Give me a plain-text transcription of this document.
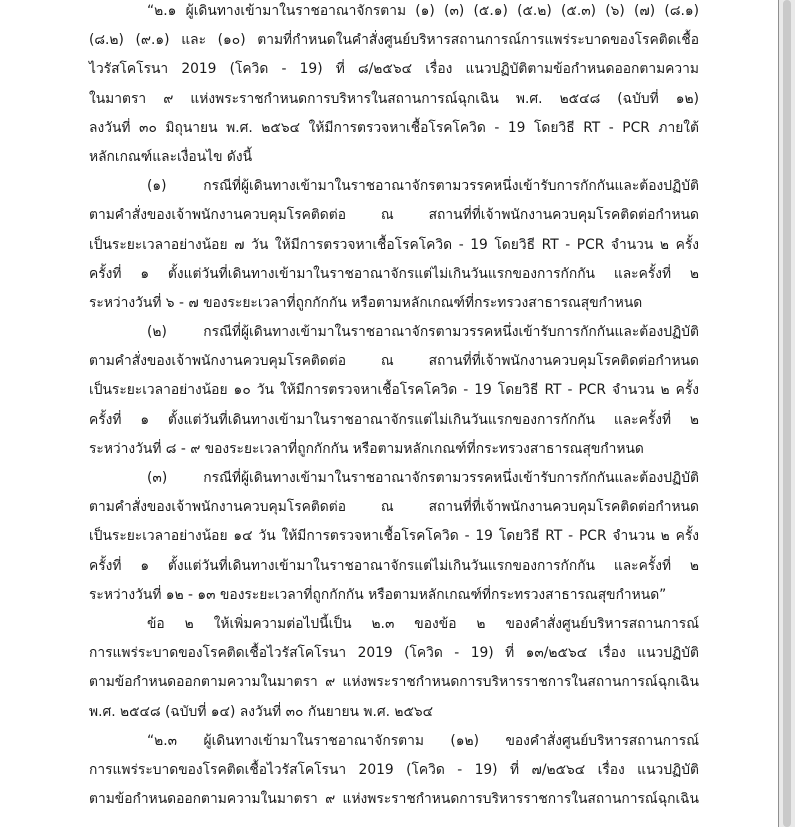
“๒.๑ ผู้เดินทางเข้ามาในราชอาณาจักรตาม (๑) (๓) (๕.๑) (๕.๒) (๕.๓) (๖) (๗) (๘.๑)
(๘.๒) (๙.๑) และ (๑๐) ตามที่กำหนดในคำสั่งศูนย์บริหารสถานการณ์การแพร่ระบาดของโรคติดเชื้อ
ไวรัสโคโรนา 2019 (โควิด - 19) ที่ ๘/๒๕๖๔ เรื่อง แนวปฏิบัติตามข้อกำหนดออกตามความ
ในมาตรา ๙ แห่งพระราชกำหนดการบริหารในสถานการณ์ฉุกเฉิน พ.ศ. ๒๕๔๘ (ฉบับที่ ๑๒)
ลงวันที่ ๓๐ มิถุนายน พ.ศ. ๒๕๖๔ ให้มีการตรวจหาเชื้อโรคโควิด - 19 โดยวิธี RT - PCR ภายใต้
หลักเกณฑ์และเงื่อนไข ดังนี้
(๑) กรณีที่ผู้เดินทางเข้ามาในราชอาณาจักรตามวรรคหนึ่งเข้ารับการกักกันและต้องปฏิบัติ
ตามคำสั่งของเจ้าพนักงานควบคุมโรคติดต่อ ณ สถานที่ที่เจ้าพนักงานควบคุมโรคติดต่อกำหนด
เป็นระยะเวลาอย่างน้อย ๗ วัน ให้มีการตรวจหาเชื้อโรคโควิด - 19 โดยวิธี RT - PCR จำนวน ๒ ครั้ง
ครั้งที่ ๑ ตั้งแต่วันที่เดินทางเข้ามาในราชอาณาจักรแต่ไม่เกินวันแรกของการกักกัน และครั้งที่ ๒
ระหว่างวันที่ ๖ - ๗ ของระยะเวลาที่ถูกกักกัน หรือตามหลักเกณฑ์ที่กระทรวงสาธารณสุขกำหนด
(๒) กรณีที่ผู้เดินทางเข้ามาในราชอาณาจักรตามวรรคหนึ่งเข้ารับการกักกันและต้องปฏิบัติ
ตามคำสั่งของเจ้าพนักงานควบคุมโรคติดต่อ ณ สถานที่ที่เจ้าพนักงานควบคุมโรคติดต่อกำหนด
เป็นระยะเวลาอย่างน้อย ๑๐ วัน ให้มีการตรวจหาเชื้อโรคโควิด - 19 โดยวิธี RT - PCR จำนวน ๒ ครั้ง
ครั้งที่ ๑ ตั้งแต่วันที่เดินทางเข้ามาในราชอาณาจักรแต่ไม่เกินวันแรกของการกักกัน และครั้งที่ ๒
ระหว่างวันที่ ๘ - ๙ ของระยะเวลาที่ถูกกักกัน หรือตามหลักเกณฑ์ที่กระทรวงสาธารณสุขกำหนด
(๓) กรณีที่ผู้เดินทางเข้ามาในราชอาณาจักรตามวรรคหนึ่งเข้ารับการกักกันและต้องปฏิบัติ
ตามคำสั่งของเจ้าพนักงานควบคุมโรคติดต่อ ณ สถานที่ที่เจ้าพนักงานควบคุมโรคติดต่อกำหนด
เป็นระยะเวลาอย่างน้อย ๑๔ วัน ให้มีการตรวจหาเชื้อโรคโควิด - 19 โดยวิธี RT - PCR จำนวน ๒ ครั้ง
ครั้งที่ ๑ ตั้งแต่วันที่เดินทางเข้ามาในราชอาณาจักรแต่ไม่เกินวันแรกของการกักกัน และครั้งที่ ๒
ระหว่างวันที่ ๑๒ - ๑๓ ของระยะเวลาที่ถูกกักกัน หรือตามหลักเกณฑ์ที่กระทรวงสาธารณสุขกำหนด”
ข้อ ๒ ให้เพิ่มความต่อไปนี้เป็น ๒.๓ ของข้อ ๒ ของคำสั่งศูนย์บริหารสถานการณ์
การแพร่ระบาดของโรคติดเชื้อไวรัสโคโรนา 2019 (โควิด - 19) ที่ ๑๓/๒๕๖๔ เรื่อง แนวปฏิบัติ
ตามข้อกำหนดออกตามความในมาตรา ๙ แห่งพระราชกำหนดการบริหารราชการในสถานการณ์ฉุกเฉิน
พ.ศ. ๒๕๔๘ (ฉบับที่ ๑๔) ลงวันที่ ๓๐ กันยายน พ.ศ. ๒๕๖๔
“๒.๓ ผู้เดินทางเข้ามาในราชอาณาจักรตาม (๑๒) ของคำสั่งศูนย์บริหารสถานการณ์
การแพร่ระบาดของโรคติดเชื้อไวรัสโคโรนา 2019 (โควิด - 19) ที่ ๗/๒๕๖๔ เรื่อง แนวปฏิบัติ
ตามข้อกำหนดออกตามความในมาตรา ๙ แห่งพระราชกำหนดการบริหารราชการในสถานการณ์ฉุกเฉิน
